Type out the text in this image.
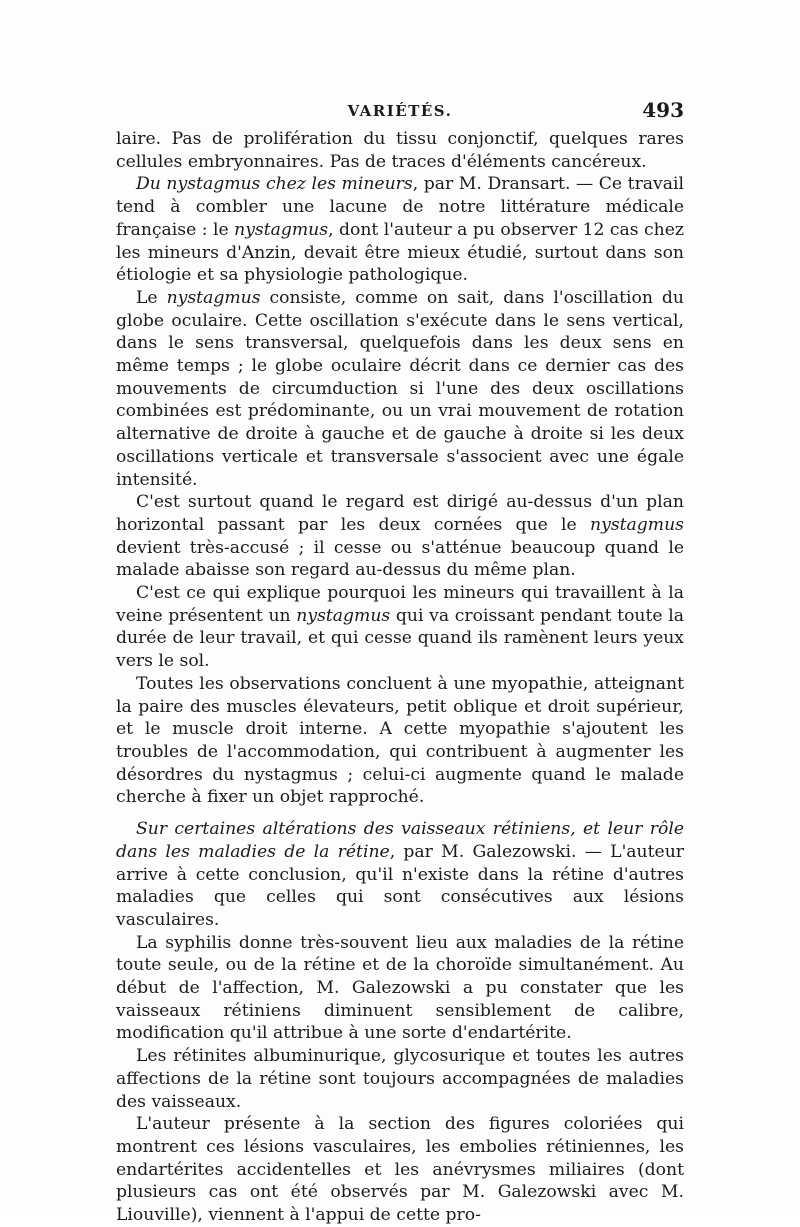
VARIÉTÉS.	493

laire. Pas de prolifération du tissu conjonctif, quelques rares cellules embryonnaires. Pas de traces d'éléments cancéreux.

Du nystagmus chez les mineurs, par M. Dransart. — Ce travail tend à combler une lacune de notre littérature médicale française : le nystagmus, dont l'auteur a pu observer 12 cas chez les mineurs d'Anzin, devait être mieux étudié, surtout dans son étiologie et sa physiologie pathologique.

Le nystagmus consiste, comme on sait, dans l'oscillation du globe oculaire. Cette oscillation s'exécute dans le sens vertical, dans le sens transversal, quelquefois dans les deux sens en même temps ; le globe oculaire décrit dans ce dernier cas des mouvements de circumduction si l'une des deux oscillations combinées est prédominante, ou un vrai mouvement de rotation alternative de droite à gauche et de gauche à droite si les deux oscillations verticale et transversale s'associent avec une égale intensité.

C'est surtout quand le regard est dirigé au-dessus d'un plan horizontal passant par les deux cornées que le nystagmus devient très-accusé ; il cesse ou s'atténue beaucoup quand le malade abaisse son regard au-dessus du même plan.

C'est ce qui explique pourquoi les mineurs qui travaillent à la veine présentent un nystagmus qui va croissant pendant toute la durée de leur travail, et qui cesse quand ils ramènent leurs yeux vers le sol.

Toutes les observations concluent à une myopathie, atteignant la paire des muscles élevateurs, petit oblique et droit supérieur, et le muscle droit interne. A cette myopathie s'ajoutent les troubles de l'accommodation, qui contribuent à augmenter les désordres du nystagmus ; celui-ci augmente quand le malade cherche à fixer un objet rapproché.

Sur certaines altérations des vaisseaux rétiniens, et leur rôle dans les maladies de la rétine, par M. Galezowski. — L'auteur arrive à cette conclusion, qu'il n'existe dans la rétine d'autres maladies que celles qui sont consécutives aux lésions vasculaires.

La syphilis donne très-souvent lieu aux maladies de la rétine toute seule, ou de la rétine et de la choroïde simultanément. Au début de l'affection, M. Galezowski a pu constater que les vaisseaux rétiniens diminuent sensiblement de calibre, modification qu'il attribue à une sorte d'endartérite.

Les rétinites albuminurique, glycosurique et toutes les autres affections de la rétine sont toujours accompagnées de maladies des vaisseaux.

L'auteur présente à la section des figures coloriées qui montrent ces lésions vasculaires, les embolies rétiniennes, les endartérites accidentelles et les anévrysmes miliaires (dont plusieurs cas ont été observés par M. Galezowski avec M. Liouville), viennent à l'appui de cette pro-
